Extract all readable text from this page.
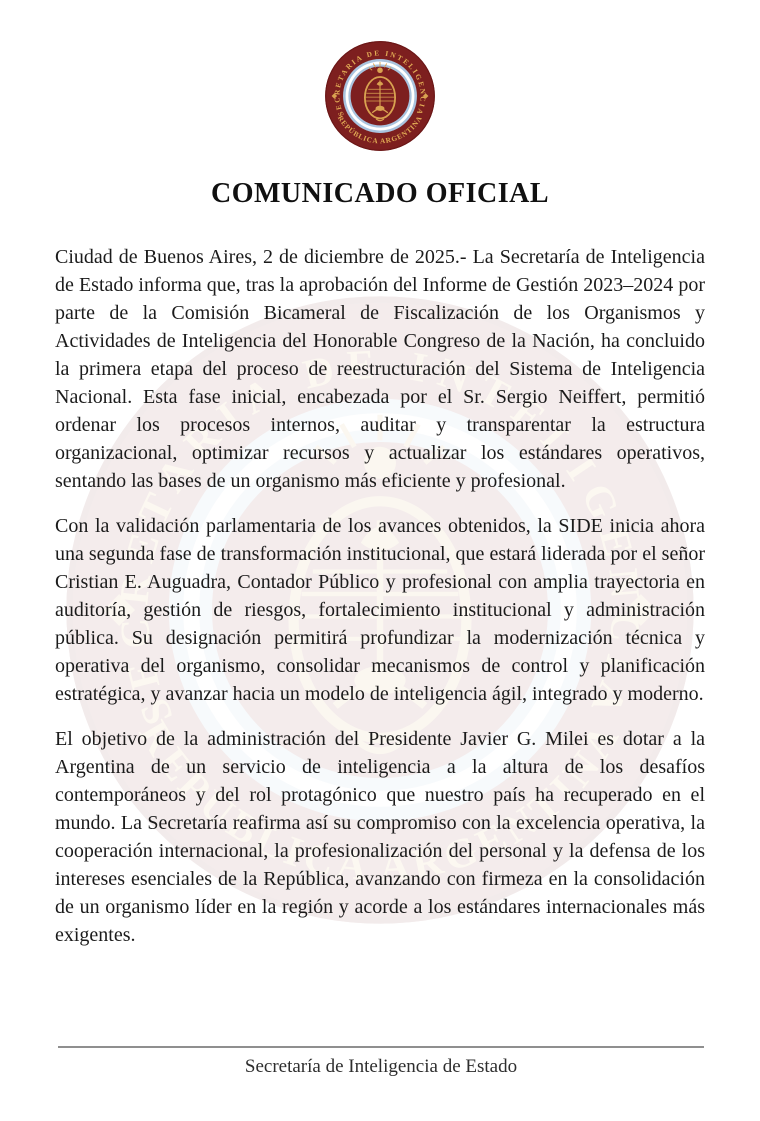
COMUNICADO OFICIAL

Ciudad de Buenos Aires, 2 de diciembre de 2025.- La Secretaría de Inteligencia de Estado informa que, tras la aprobación del Informe de Gestión 2023–2024 por parte de la Comisión Bicameral de Fiscalización de los Organismos y Actividades de Inteligencia del Honorable Congreso de la Nación, ha concluido la primera etapa del proceso de reestructuración del Sistema de Inteligencia Nacional. Esta fase inicial, encabezada por el Sr. Sergio Neiffert, permitió ordenar los procesos internos, auditar y transparentar la estructura organizacional, optimizar recursos y actualizar los estándares operativos, sentando las bases de un organismo más eficiente y profesional.

Con la validación parlamentaria de los avances obtenidos, la SIDE inicia ahora una segunda fase de transformación institucional, que estará liderada por el señor Cristian E. Auguadra, Contador Público y profesional con amplia trayectoria en auditoría, gestión de riesgos, fortalecimiento institucional y administración pública. Su designación permitirá profundizar la modernización técnica y operativa del organismo, consolidar mecanismos de control y planificación estratégica, y avanzar hacia un modelo de inteligencia ágil, integrado y moderno.

El objetivo de la administración del Presidente Javier G. Milei es dotar a la Argentina de un servicio de inteligencia a la altura de los desafíos contemporáneos y del rol protagónico que nuestro país ha recuperado en el mundo. La Secretaría reafirma así su compromiso con la excelencia operativa, la cooperación internacional, la profesionalización del personal y la defensa de los intereses esenciales de la República, avanzando con firmeza en la consolidación de un organismo líder en la región y acorde a los estándares internacionales más exigentes.

Secretaría de Inteligencia de Estado
